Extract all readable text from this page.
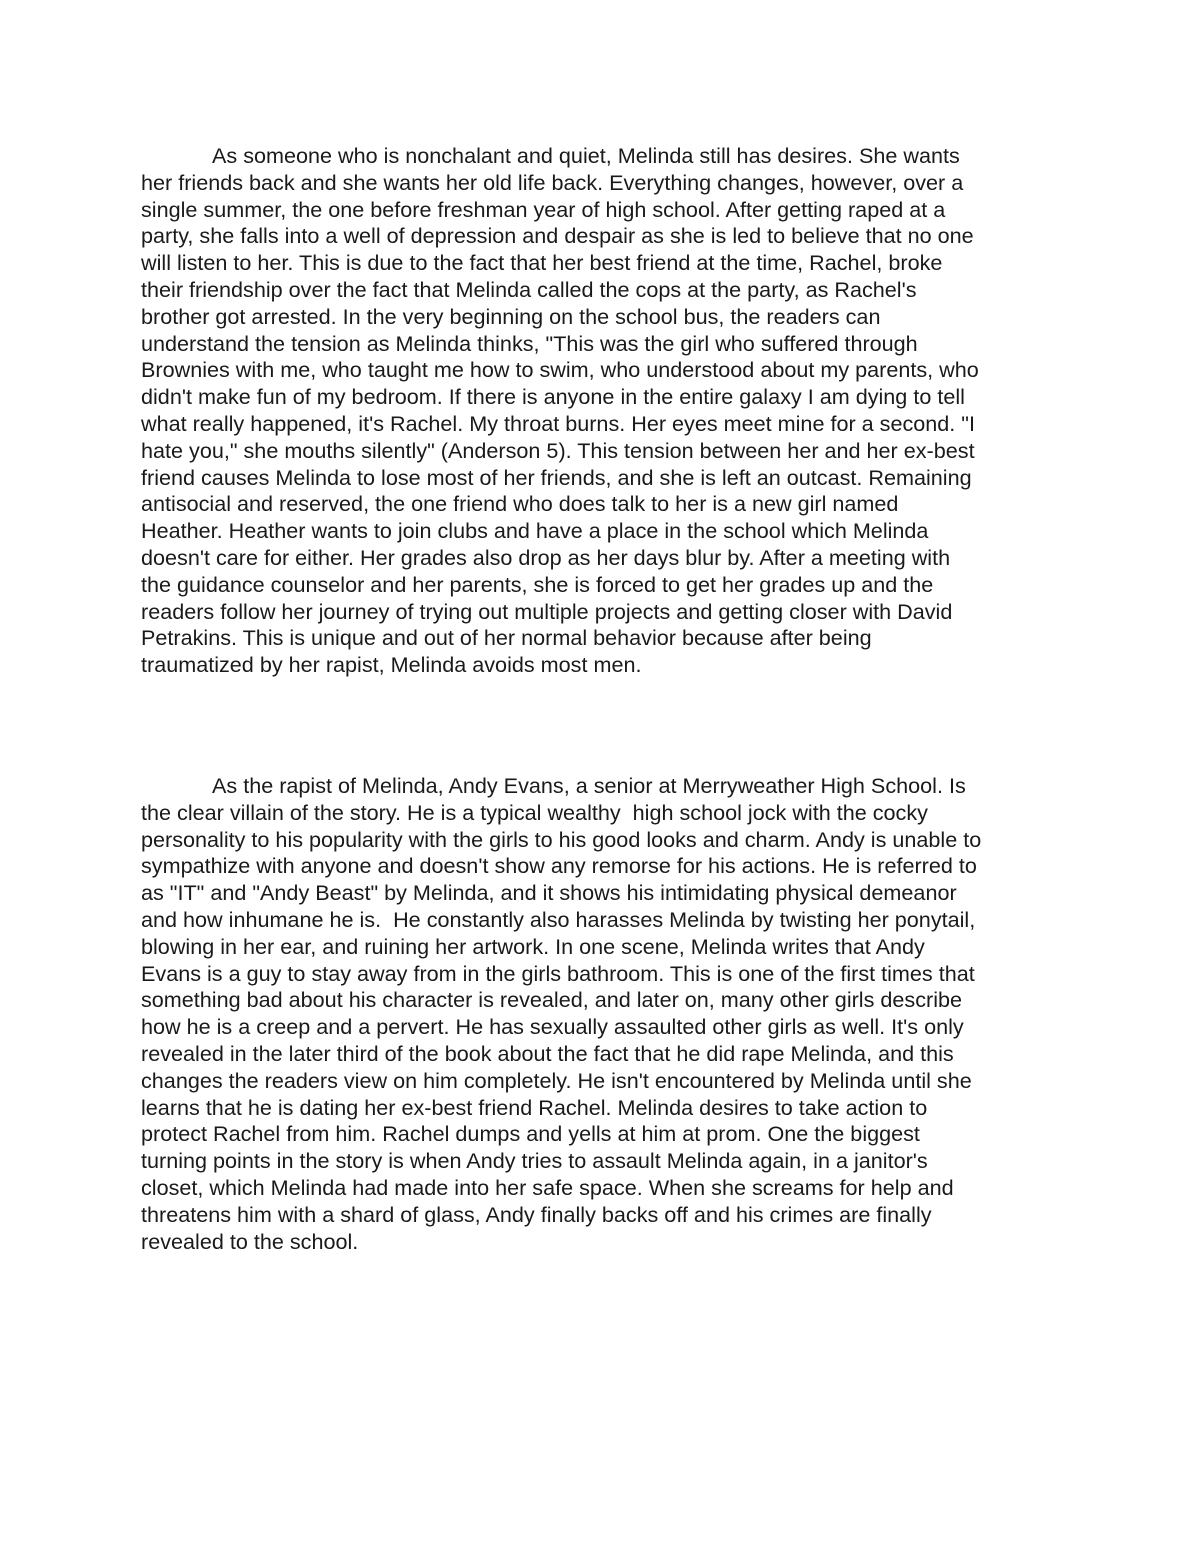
As someone who is nonchalant and quiet, Melinda still has desires. She wants
her friends back and she wants her old life back. Everything changes, however, over a
single summer, the one before freshman year of high school. After getting raped at a
party, she falls into a well of depression and despair as she is led to believe that no one
will listen to her. This is due to the fact that her best friend at the time, Rachel, broke
their friendship over the fact that Melinda called the cops at the party, as Rachel's
brother got arrested. In the very beginning on the school bus, the readers can
understand the tension as Melinda thinks, "This was the girl who suffered through
Brownies with me, who taught me how to swim, who understood about my parents, who
didn't make fun of my bedroom. If there is anyone in the entire galaxy I am dying to tell
what really happened, it's Rachel. My throat burns. Her eyes meet mine for a second. "I
hate you," she mouths silently" (Anderson 5). This tension between her and her ex-best
friend causes Melinda to lose most of her friends, and she is left an outcast. Remaining
antisocial and reserved, the one friend who does talk to her is a new girl named
Heather. Heather wants to join clubs and have a place in the school which Melinda
doesn't care for either. Her grades also drop as her days blur by. After a meeting with
the guidance counselor and her parents, she is forced to get her grades up and the
readers follow her journey of trying out multiple projects and getting closer with David
Petrakins. This is unique and out of her normal behavior because after being
traumatized by her rapist, Melinda avoids most men.
As the rapist of Melinda, Andy Evans, a senior at Merryweather High School. Is
the clear villain of the story. He is a typical wealthy  high school jock with the cocky
personality to his popularity with the girls to his good looks and charm. Andy is unable to
sympathize with anyone and doesn't show any remorse for his actions. He is referred to
as "IT" and "Andy Beast" by Melinda, and it shows his intimidating physical demeanor
and how inhumane he is.  He constantly also harasses Melinda by twisting her ponytail,
blowing in her ear, and ruining her artwork. In one scene, Melinda writes that Andy
Evans is a guy to stay away from in the girls bathroom. This is one of the first times that
something bad about his character is revealed, and later on, many other girls describe
how he is a creep and a pervert. He has sexually assaulted other girls as well. It's only
revealed in the later third of the book about the fact that he did rape Melinda, and this
changes the readers view on him completely. He isn't encountered by Melinda until she
learns that he is dating her ex-best friend Rachel. Melinda desires to take action to
protect Rachel from him. Rachel dumps and yells at him at prom. One the biggest
turning points in the story is when Andy tries to assault Melinda again, in a janitor's
closet, which Melinda had made into her safe space. When she screams for help and
threatens him with a shard of glass, Andy finally backs off and his crimes are finally
revealed to the school.
